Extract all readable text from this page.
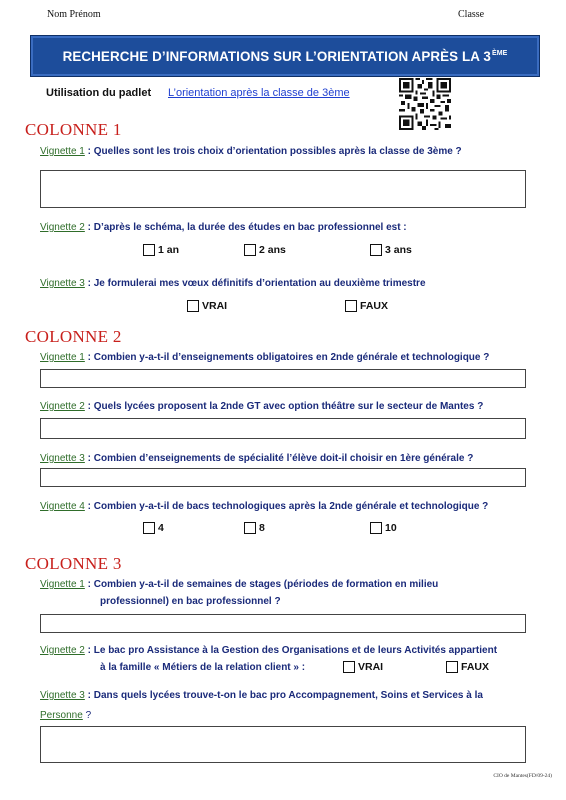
Nom Prénom	Classe
RECHERCHE D’INFORMATIONS SUR L’ORIENTATION APRÈS LA 3ÈME
Utilisation du padlet L’orientation après la classe de 3ème
COLONNE 1
Vignette 1 : Quelles sont les trois choix d’orientation possibles après la classe de 3ème ?
Vignette 2 : D’après le schéma, la durée des études en bac professionnel est :
1 an	2 ans	3 ans
Vignette 3 : Je formulerai mes vœux définitifs d’orientation au deuxième trimestre
VRAI	FAUX
COLONNE 2
Vignette 1 : Combien y-a-t-il d’enseignements obligatoires en 2nde générale et technologique ?
Vignette 2 : Quels lycées proposent la 2nde GT avec option théâtre sur le secteur de Mantes ?
Vignette 3 : Combien d’enseignements de spécialité l’élève doit-il choisir en 1ère générale ?
Vignette 4 : Combien y-a-t-il de bacs technologiques après la 2nde générale et technologique ?
4	8	10
COLONNE 3
Vignette 1 : Combien y-a-t-il de semaines de stages (périodes de formation en milieu
professionnel) en bac professionnel ?
Vignette 2 : Le bac pro Assistance à la Gestion des Organisations et de leurs Activités appartient
à la famille « Métiers de la relation client » :	VRAI	FAUX
Vignette 3 : Dans quels lycées trouve-t-on le bac pro Accompagnement, Soins et Services à la
Personne ?
CIO de Mantes(FD/09-24)
